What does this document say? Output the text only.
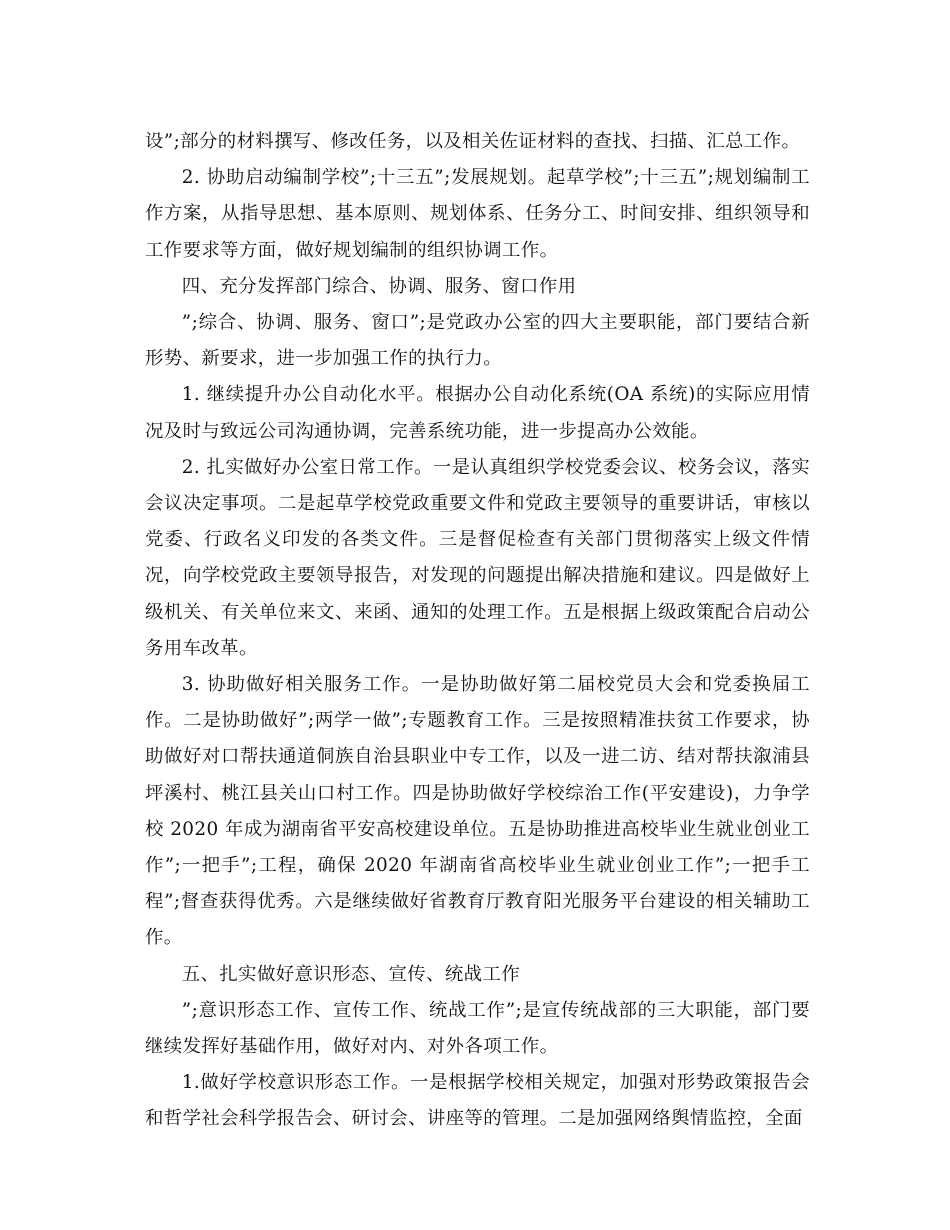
设”;部分的材料撰写、修改任务，以及相关佐证材料的查找、扫描、汇总工作。

2. 协助启动编制学校”;十三五”;发展规划。起草学校”;十三五”;规划编制工作方案，从指导思想、基本原则、规划体系、任务分工、时间安排、组织领导和工作要求等方面，做好规划编制的组织协调工作。

四、充分发挥部门综合、协调、服务、窗口作用

”;综合、协调、服务、窗口”;是党政办公室的四大主要职能，部门要结合新形势、新要求，进一步加强工作的执行力。

1. 继续提升办公自动化水平。根据办公自动化系统(OA 系统)的实际应用情况及时与致远公司沟通协调，完善系统功能，进一步提高办公效能。

2. 扎实做好办公室日常工作。一是认真组织学校党委会议、校务会议，落实会议决定事项。二是起草学校党政重要文件和党政主要领导的重要讲话，审核以党委、行政名义印发的各类文件。三是督促检查有关部门贯彻落实上级文件情况，向学校党政主要领导报告，对发现的问题提出解决措施和建议。四是做好上级机关、有关单位来文、来函、通知的处理工作。五是根据上级政策配合启动公务用车改革。

3. 协助做好相关服务工作。一是协助做好第二届校党员大会和党委换届工作。二是协助做好”;两学一做”;专题教育工作。三是按照精准扶贫工作要求，协助做好对口帮扶通道侗族自治县职业中专工作，以及一进二访、结对帮扶溆浦县坪溪村、桃江县关山口村工作。四是协助做好学校综治工作(平安建设)，力争学校 2020 年成为湖南省平安高校建设单位。五是协助推进高校毕业生就业创业工作”;一把手”;工程，确保 2020 年湖南省高校毕业生就业创业工作”;一把手工程”;督查获得优秀。六是继续做好省教育厅教育阳光服务平台建设的相关辅助工作。

五、扎实做好意识形态、宣传、统战工作

”;意识形态工作、宣传工作、统战工作”;是宣传统战部的三大职能，部门要继续发挥好基础作用，做好对内、对外各项工作。

1.做好学校意识形态工作。一是根据学校相关规定，加强对形势政策报告会和哲学社会科学报告会、研讨会、讲座等的管理。二是加强网络舆情监控，全面
